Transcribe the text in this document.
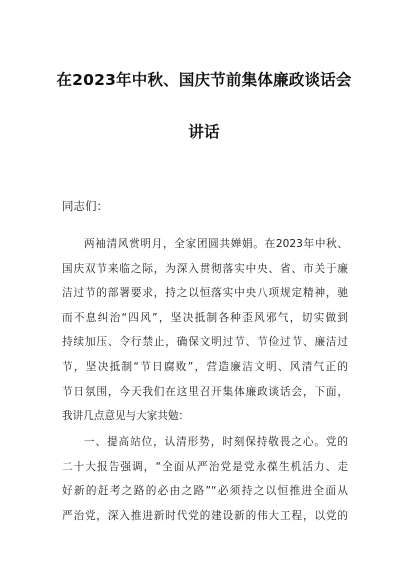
在2023年中秋、国庆节前集体廉政谈话会
讲话
同志们：
两袖清风赏明月，全家团圆共婵娟。在2023年中秋、
国庆双节来临之际，为深入贯彻落实中央、省、市关于廉
洁过节的部署要求，持之以恒落实中央八项规定精神，驰
而不息纠治“四风”，坚决抵制各种歪风邪气，切实做到
持续加压、令行禁止，确保文明过节、节俭过节、廉洁过
节，坚决抵制“节日腐败”，营造廉洁文明、风清气正的
节日氛围，今天我们在这里召开集体廉政谈话会，下面，
我讲几点意见与大家共勉：
一、提高站位，认清形势，时刻保持敬畏之心。党的
二十大报告强调，“全面从严治党是党永葆生机活力、走
好新的赶考之路的必由之路”“必须持之以恒推进全面从
严治党，深入推进新时代党的建设新的伟大工程，以党的
